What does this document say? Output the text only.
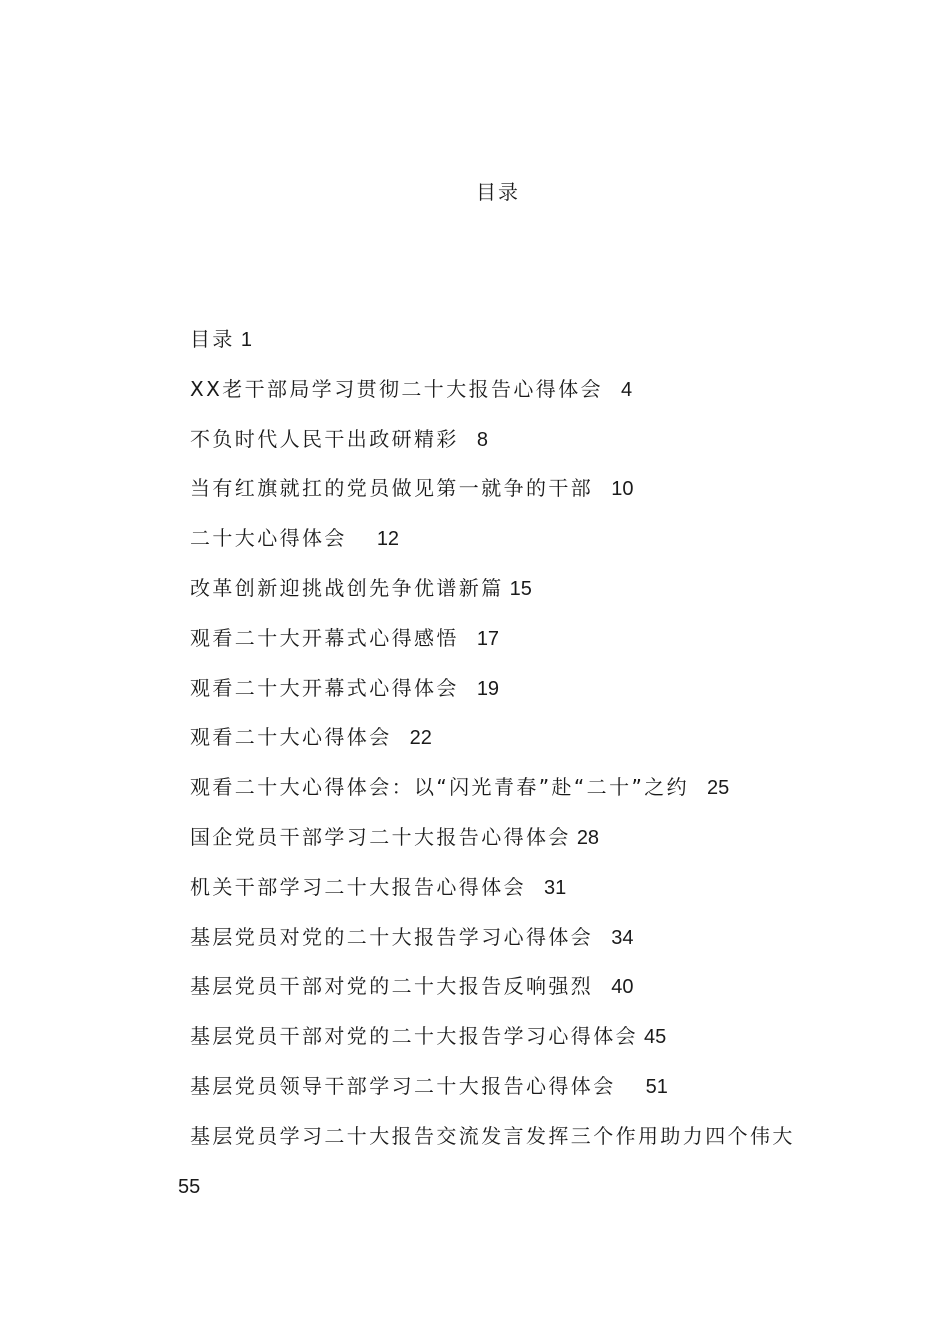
目录
目录 1
XX老干部局学习贯彻二十大报告心得体会 4
不负时代人民干出政研精彩 8
当有红旗就扛的党员做见第一就争的干部 10
二十大心得体会 12
改革创新迎挑战创先争优谱新篇 15
观看二十大开幕式心得感悟 17
观看二十大开幕式心得体会 19
观看二十大心得体会 22
观看二十大心得体会：以“闪光青春”赴“二十”之约 25
国企党员干部学习二十大报告心得体会 28
机关干部学习二十大报告心得体会 31
基层党员对党的二十大报告学习心得体会 34
基层党员干部对党的二十大报告反响强烈 40
基层党员干部对党的二十大报告学习心得体会 45
基层党员领导干部学习二十大报告心得体会 51
基层党员学习二十大报告交流发言发挥三个作用助力四个伟大
55
